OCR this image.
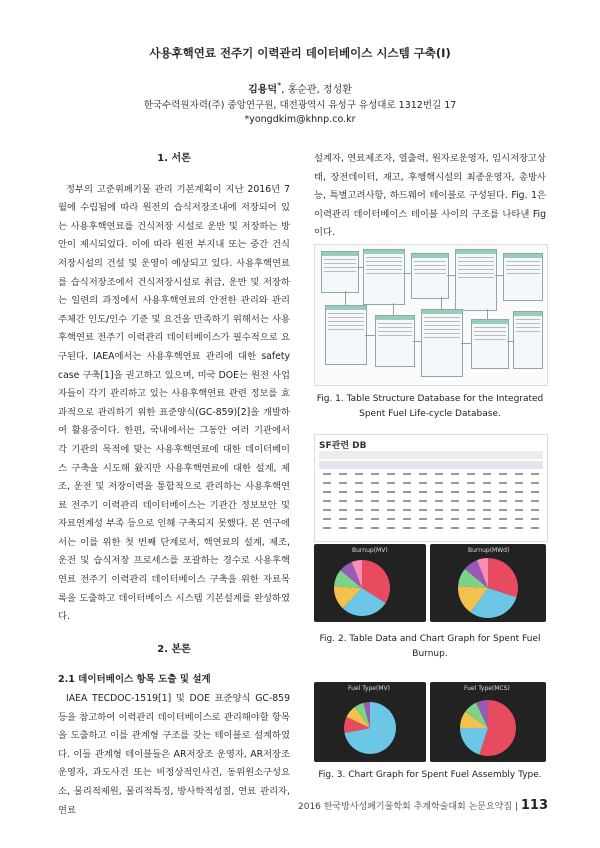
사용후핵연료 전주기 이력관리 데이터베이스 시스템 구축(I)
김용덕*, 홍순관, 정성환
한국수력원자력(주) 중앙연구원, 대전광역시 유성구 유성대로 1312번길 17
*yongdkim@khnp.co.kr
1. 서론

정부의 고준위폐기물 관리 기본계획이 지난 2016년 7월에 수립됨에 따라 원전의 습식저장조내에 저장되어 있는 사용후핵연료를 건식저장 시설로 운반 및 저장하는 방안이 제시되었다. 이에 따라 원전 부지내 또는 중간 건식저장시설의 건설 및 운영이 예상되고 있다. 사용후핵연료를 습식저장조에서 건식저장시설로 취급, 운반 및 저장하는 일련의 과정에서 사용후핵연료의 안전한 관리와 관리주체간 인도/인수 기준 및 요건을 만족하기 위해서는 사용후핵연료 전주기 이력관리 데이터베이스가 필수적으로 요구된다. IAEA에서는 사용후핵연료 관리에 대한 safety case 구축[1]을 권고하고 있으며, 미국 DOE는 원전 사업자들이 각기 관리하고 있는 사용후핵연료 관련 정보를 효과적으로 관리하기 위한 표준양식(GC-859)[2]을 개발하여 활용중이다. 한편, 국내에서는 그동안 여러 기관에서 각 기관의 목적에 맞는 사용후핵연료에 대한 데이터베이스 구축을 시도해 왔지만 사용후핵연료에 대한 설계, 제조, 운전 및 저장이력을 통합적으로 관리하는 사용후핵연료 전주기 이력관리 데이터베이스는 기관간 정보보안 및 자료연계성 부족 등으로 인해 구축되지 못했다. 본 연구에서는 이를 위한 첫 번째 단계로서, 핵연료의 설계, 제조, 운전 및 습식저장 프로세스를 포괄하는 경수로 사용후핵연료 전주기 이력관리 데이터베이스 구축을 위한 자료목록을 도출하고 데이터베이스 시스템 기본설계를 완성하였다.

2. 본론
2.1 데이터베이스 항목 도출 및 설계

IAEA TECDOC-1519[1] 및 DOE 표준양식 GC-859 등을 참고하여 이력관리 데이터베이스로 관리해야할 항목을 도출하고 이를 관계형 구조를 갖는 테이블로 설계하였다. 이들 관계형 테이블들은 AR저장조 운영자, AR저장조 운영자, 과도사건 또는 비정상적인사건, 동위원소구성요소, 물리적제원, 물리적특징, 방사학적성질, 연료 관리자, 연료

설계자, 연료제조자, 열출력, 원자로운영자, 임시저장고상태, 장전데이터, 재고, 후행핵시설의 최종운영자, 총방사능, 특별고려사항, 하드웨어 테이블로 구성된다. Fig. 1은 이력관리 데이터베이스 테이블 사이의 구조를 나타낸 Fig이다.

Fig. 1. Table Structure Database for the Integrated Spent Fuel Life-cycle Database.
SF관련 DB
Burnup(MV)	Burnup(MWd)
Fig. 2. Table Data and Chart Graph for Spent Fuel Burnup.
Fuel Type(MV)	Fuel Type(MCS)
Fig. 3. Chart Graph for Spent Fuel Assembly Type.
2016 한국방사성폐기물학회 추계학술대회 논문요약집 | 113
